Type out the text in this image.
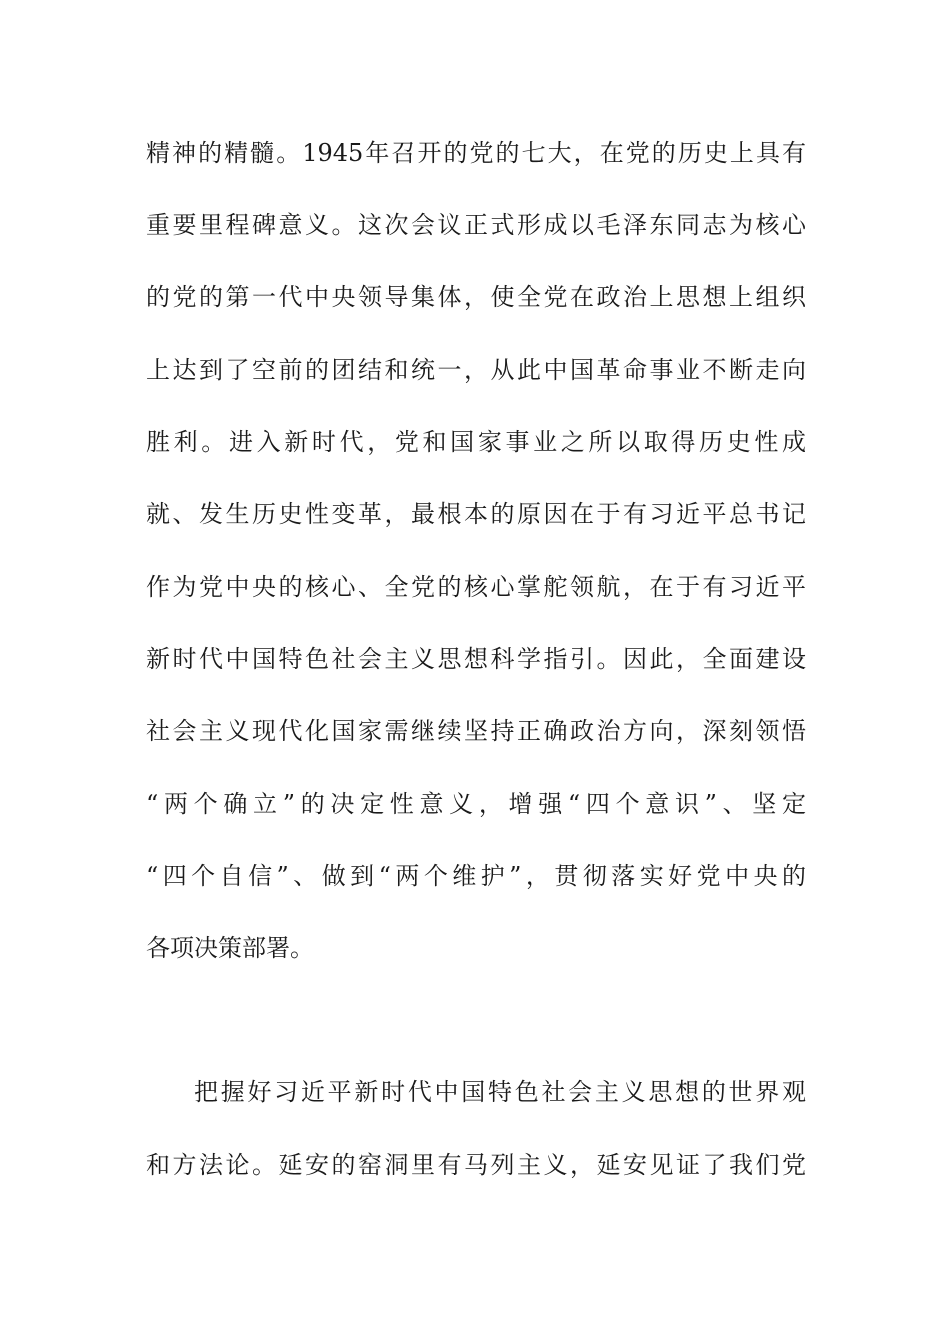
精神的精髓。1945年召开的党的七大，在党的历史上具有
重要里程碑意义。这次会议正式形成以毛泽东同志为核心
的党的第一代中央领导集体，使全党在政治上思想上组织
上达到了空前的团结和统一，从此中国革命事业不断走向
胜利。进入新时代，党和国家事业之所以取得历史性成
就、发生历史性变革，最根本的原因在于有习近平总书记
作为党中央的核心、全党的核心掌舵领航，在于有习近平
新时代中国特色社会主义思想科学指引。因此，全面建设
社会主义现代化国家需继续坚持正确政治方向，深刻领悟
“两个确立”的决定性意义，增强“四个意识”、坚定
“四个自信”、做到“两个维护”，贯彻落实好党中央的
各项决策部署。
把握好习近平新时代中国特色社会主义思想的世界观
和方法论。延安的窑洞里有马列主义，延安见证了我们党
